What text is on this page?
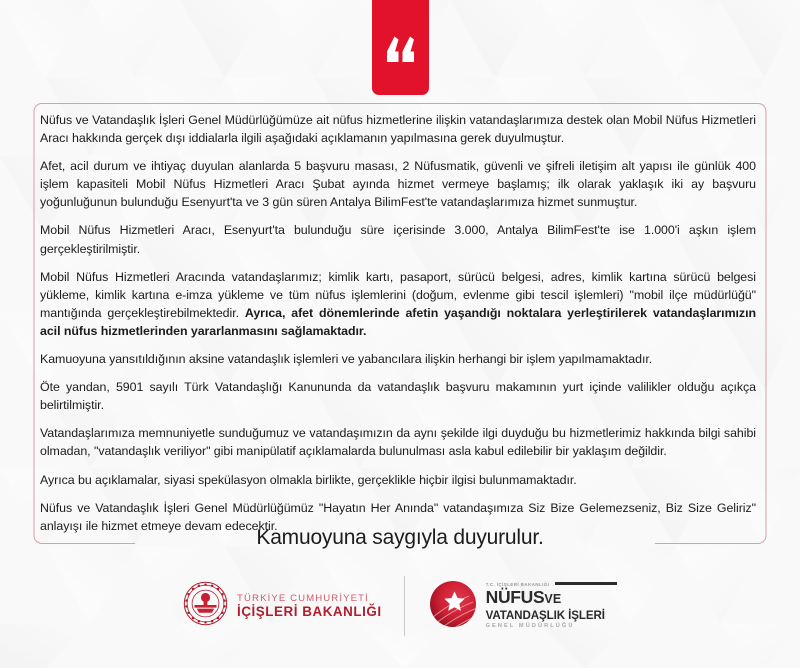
Nüfus ve Vatandaşlık İşleri Genel Müdürlüğümüze ait nüfus hizmetlerine ilişkin vatandaşlarımıza destek olan Mobil Nüfus Hizmetleri Aracı hakkında gerçek dışı iddialarla ilgili aşağıdaki açıklamanın yapılmasına gerek duyulmuştur.
Afet, acil durum ve ihtiyaç duyulan alanlarda 5 başvuru masası, 2 Nüfusmatik, güvenli ve şifreli iletişim alt yapısı ile günlük 400 işlem kapasiteli Mobil Nüfus Hizmetleri Aracı Şubat ayında hizmet vermeye başlamış; ilk olarak yaklaşık iki ay başvuru yoğunluğunun bulunduğu Esenyurt'ta ve 3 gün süren Antalya BilimFest'te vatandaşlarımıza hizmet sunmuştur.
Mobil Nüfus Hizmetleri Aracı, Esenyurt'ta bulunduğu süre içerisinde 3.000, Antalya BilimFest'te ise 1.000'i aşkın işlem gerçekleştirilmiştir.
Mobil Nüfus Hizmetleri Aracında vatandaşlarımız; kimlik kartı, pasaport, sürücü belgesi, adres, kimlik kartına sürücü belgesi yükleme, kimlik kartına e-imza yükleme ve tüm nüfus işlemlerini (doğum, evlenme gibi tescil işlemleri) "mobil ilçe müdürlüğü" mantığında gerçekleştirebilmektedir. Ayrıca, afet dönemlerinde afetin yaşandığı noktalara yerleştirilerek vatandaşlarımızın acil nüfus hizmetlerinden yararlanmasını sağlamaktadır.
Kamuoyuna yansıtıldığının aksine vatandaşlık işlemleri ve yabancılara ilişkin herhangi bir işlem yapılmamaktadır.
Öte yandan, 5901 sayılı Türk Vatandaşlığı Kanununda da vatandaşlık başvuru makamının yurt içinde valilikler olduğu açıkça belirtilmiştir.
Vatandaşlarımıza memnuniyetle sunduğumuz ve vatandaşımızın da aynı şekilde ilgi duyduğu bu hizmetlerimiz hakkında bilgi sahibi olmadan, "vatandaşlık veriliyor" gibi manipülatif açıklamalarda bulunulması asla kabul edilebilir bir yaklaşım değildir.
Ayrıca bu açıklamalar, siyasi spekülasyon olmakla birlikte, gerçeklikle hiçbir ilgisi bulunmamaktadır.
Nüfus ve Vatandaşlık İşleri Genel Müdürlüğümüz "Hayatın Her Anında" vatandaşımıza Siz Bize Gelemezseniz, Biz Size Geliriz" anlayışı ile hizmet etmeye devam edecektir.
Kamuoyuna saygıyla duyurulur.
TÜRKİYE CUMHURİYETİ
İÇİŞLERİ BAKANLIĞI
T.C. İÇİŞLERİ BAKANLIĞI
NÜFUSVE
VATANDAŞLIK İŞLERİ
GENEL MÜDÜRLÜĞÜ
